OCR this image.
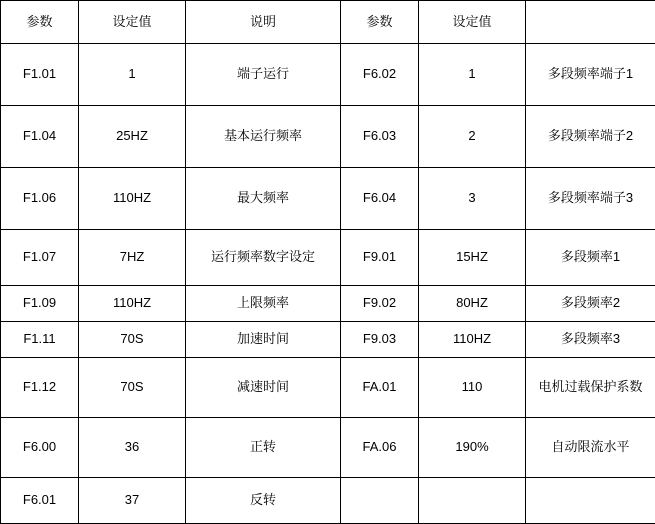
参数	设定值	说明	参数	设定值	
F1.01	1	端子运行	F6.02	1	多段频率端子1
F1.04	25HZ	基本运行频率	F6.03	2	多段频率端子2
F1.06	110HZ	最大频率	F6.04	3	多段频率端子3
F1.07	7HZ	运行频率数字设定	F9.01	15HZ	多段频率1
F1.09	110HZ	上限频率	F9.02	80HZ	多段频率2
F1.11	70S	加速时间	F9.03	110HZ	多段频率3
F1.12	70S	减速时间	FA.01	110	电机过载保护系数
F6.00	36	正转	FA.06	190%	自动限流水平
F6.01	37	反转			
